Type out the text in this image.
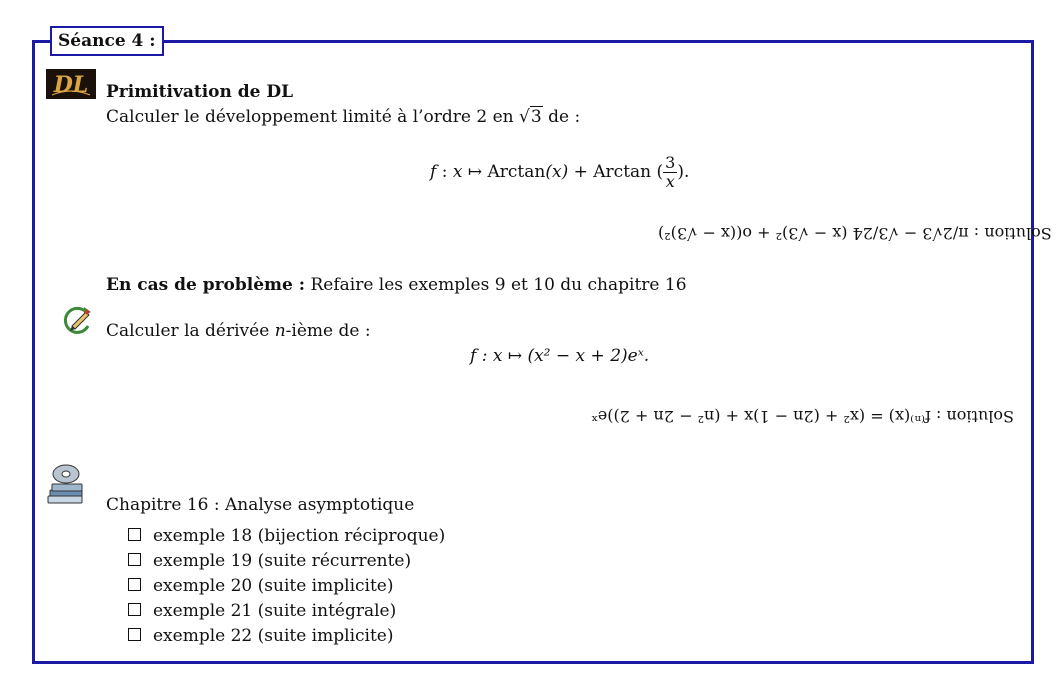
Séance 4 :
DL Primitivation de DL
Calculer le développement limité à l’ordre 2 en √3 de :
f : x ↦ Arctan(x) + Arctan ( $\frac{3}{x}$ ).
Solution : π/2√3 − √3/24 (x − √3)² + o((x − √3)²)
En cas de problème : Refaire les exemples 9 et 10 du chapitre 16
Calculer la dérivée n-ième de :
f : x ↦ (x² − x + 2)eˣ.
Solution : f⁽ⁿ⁾(x) = (x² + (2n − 1)x + (n² − 2n + 2))eˣ
Chapitre 16 : Analyse asymptotique
exemple 18 (bijection réciproque)
exemple 19 (suite récurrente)
exemple 20 (suite implicite)
exemple 21 (suite intégrale)
exemple 22 (suite implicite)
